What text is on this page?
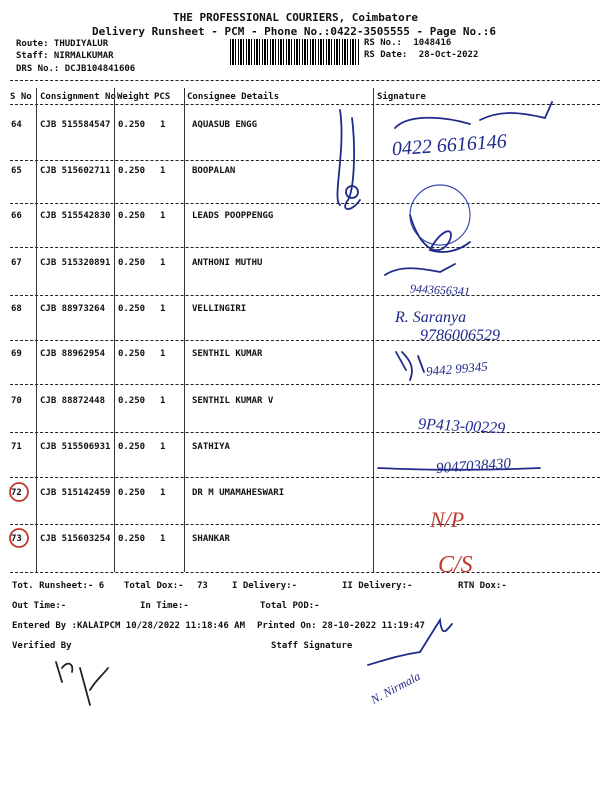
THE PROFESSIONAL COURIERS, Coimbatore
Delivery Runsheet - PCM - Phone No.:0422-3505555 - Page No.:6
Route: THUDIYALUR
Staff: NIRMALKUMAR
DRS No.: DCJB104841606
RS No.: 1048416
RS Date: 28-Oct-2022
S No Consignment No Weight PCS Consignee Details	Signature
64 CJB 515584547 0.250 1	AQUASUB ENGG
65 CJB 515602711 0.250 1	BOOPALAN
66 CJB 515542830 0.250 1	LEADS POOPPENGG
67 CJB 515320891 0.250 1	ANTHONI MUTHU
68 CJB 88973264 0.250 1	VELLINGIRI
69 CJB 88962954 0.250 1	SENTHIL KUMAR
70 CJB 88872448 0.250 1	SENTHIL KUMAR V
71 CJB 515506931 0.250 1	SATHIYA
72 CJB 515142459 0.250 1	DR M UMAMAHESWARI
73 CJB 515603254 0.250 1	SHANKAR
Tot. Runsheet:- 6 Total Dox:- 73	I Delivery:-	II Delivery:-	RTN Dox:-
Out Time:-	In Time:-	Total POD:-
Entered By :KALAIPCM 10/28/2022 11:18:46 AM Printed On: 28-10-2022 11:19:47
Verified By	Staff Signature
0422 6616146
9443656341
R. Saranya
9786006529
9442 99345
9P413-00229
9047038430
N. Nirmala
N/P
C/S
